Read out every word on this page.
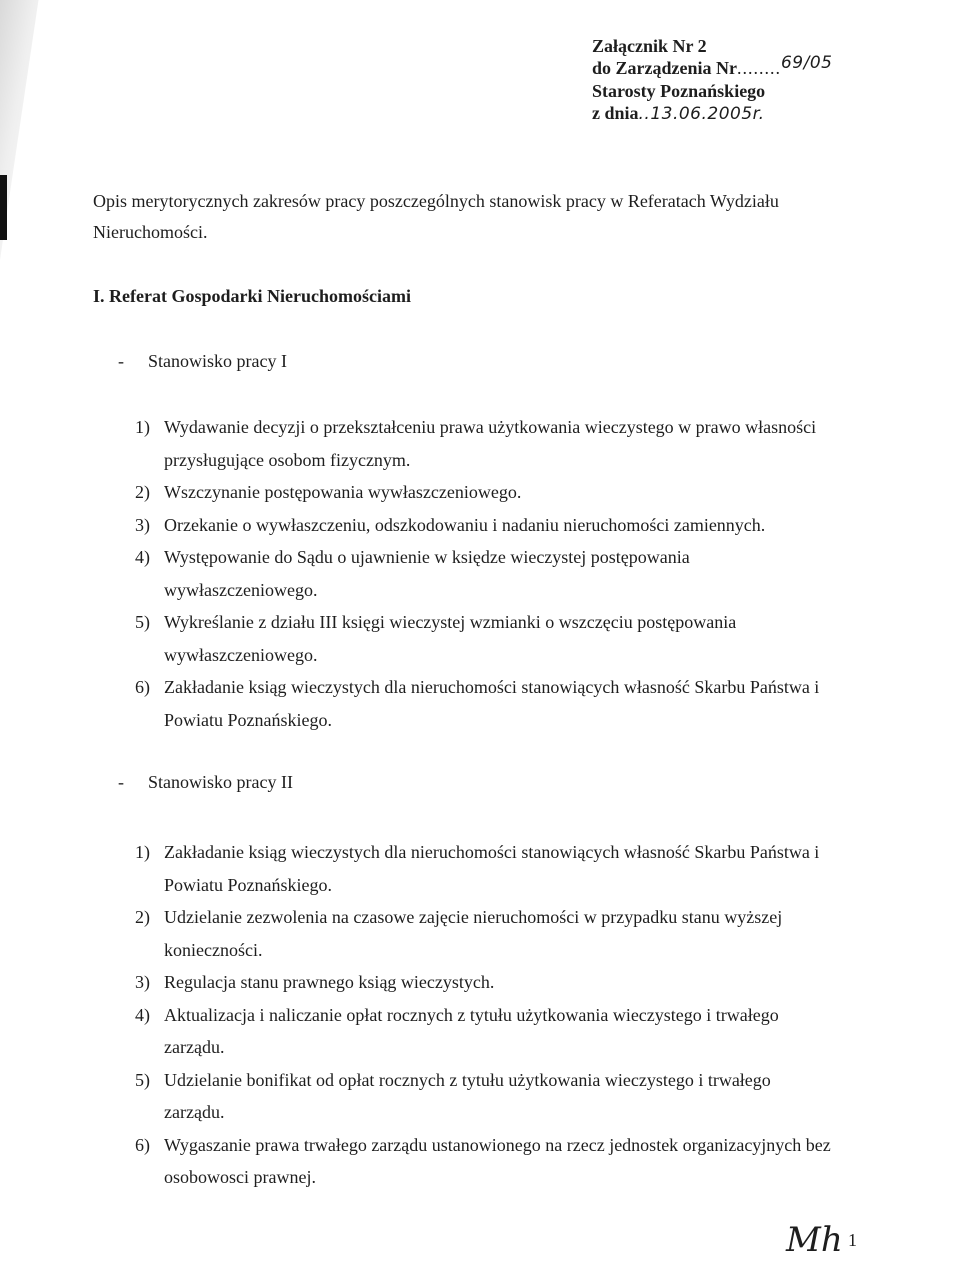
Załącznik Nr 2
do Zarządzenia Nr........69/05
Starosty Poznańskiego
z dnia..13.06.2005r.
Opis merytorycznych zakresów pracy poszczególnych stanowisk pracy w Referatach Wydziału Nieruchomości.
I. Referat Gospodarki Nieruchomościami
- Stanowisko pracy I
1) Wydawanie decyzji o przekształceniu prawa użytkowania wieczystego w prawo własności przysługujące osobom fizycznym.
2) Wszczynanie postępowania wywłaszczeniowego.
3) Orzekanie o wywłaszczeniu, odszkodowaniu i nadaniu nieruchomości zamiennych.
4) Występowanie do Sądu o ujawnienie w księdze wieczystej postępowania wywłaszczeniowego.
5) Wykreślanie z działu III księgi wieczystej wzmianki o wszczęciu postępowania wywłaszczeniowego.
6) Zakładanie ksiąg wieczystych dla nieruchomości stanowiących własność Skarbu Państwa i Powiatu Poznańskiego.
- Stanowisko pracy II
1) Zakładanie ksiąg wieczystych dla nieruchomości stanowiących własność Skarbu Państwa i Powiatu Poznańskiego.
2) Udzielanie zezwolenia na czasowe zajęcie nieruchomości w przypadku stanu wyższej konieczności.
3) Regulacja stanu prawnego ksiąg wieczystych.
4) Aktualizacja i naliczanie opłat rocznych z tytułu użytkowania wieczystego i trwałego zarządu.
5) Udzielanie bonifikat od opłat rocznych z tytułu użytkowania wieczystego i trwałego zarządu.
6) Wygaszanie prawa trwałego zarządu ustanowionego na rzecz jednostek organizacyjnych bez osobowosci prawnej.
Mh 1
